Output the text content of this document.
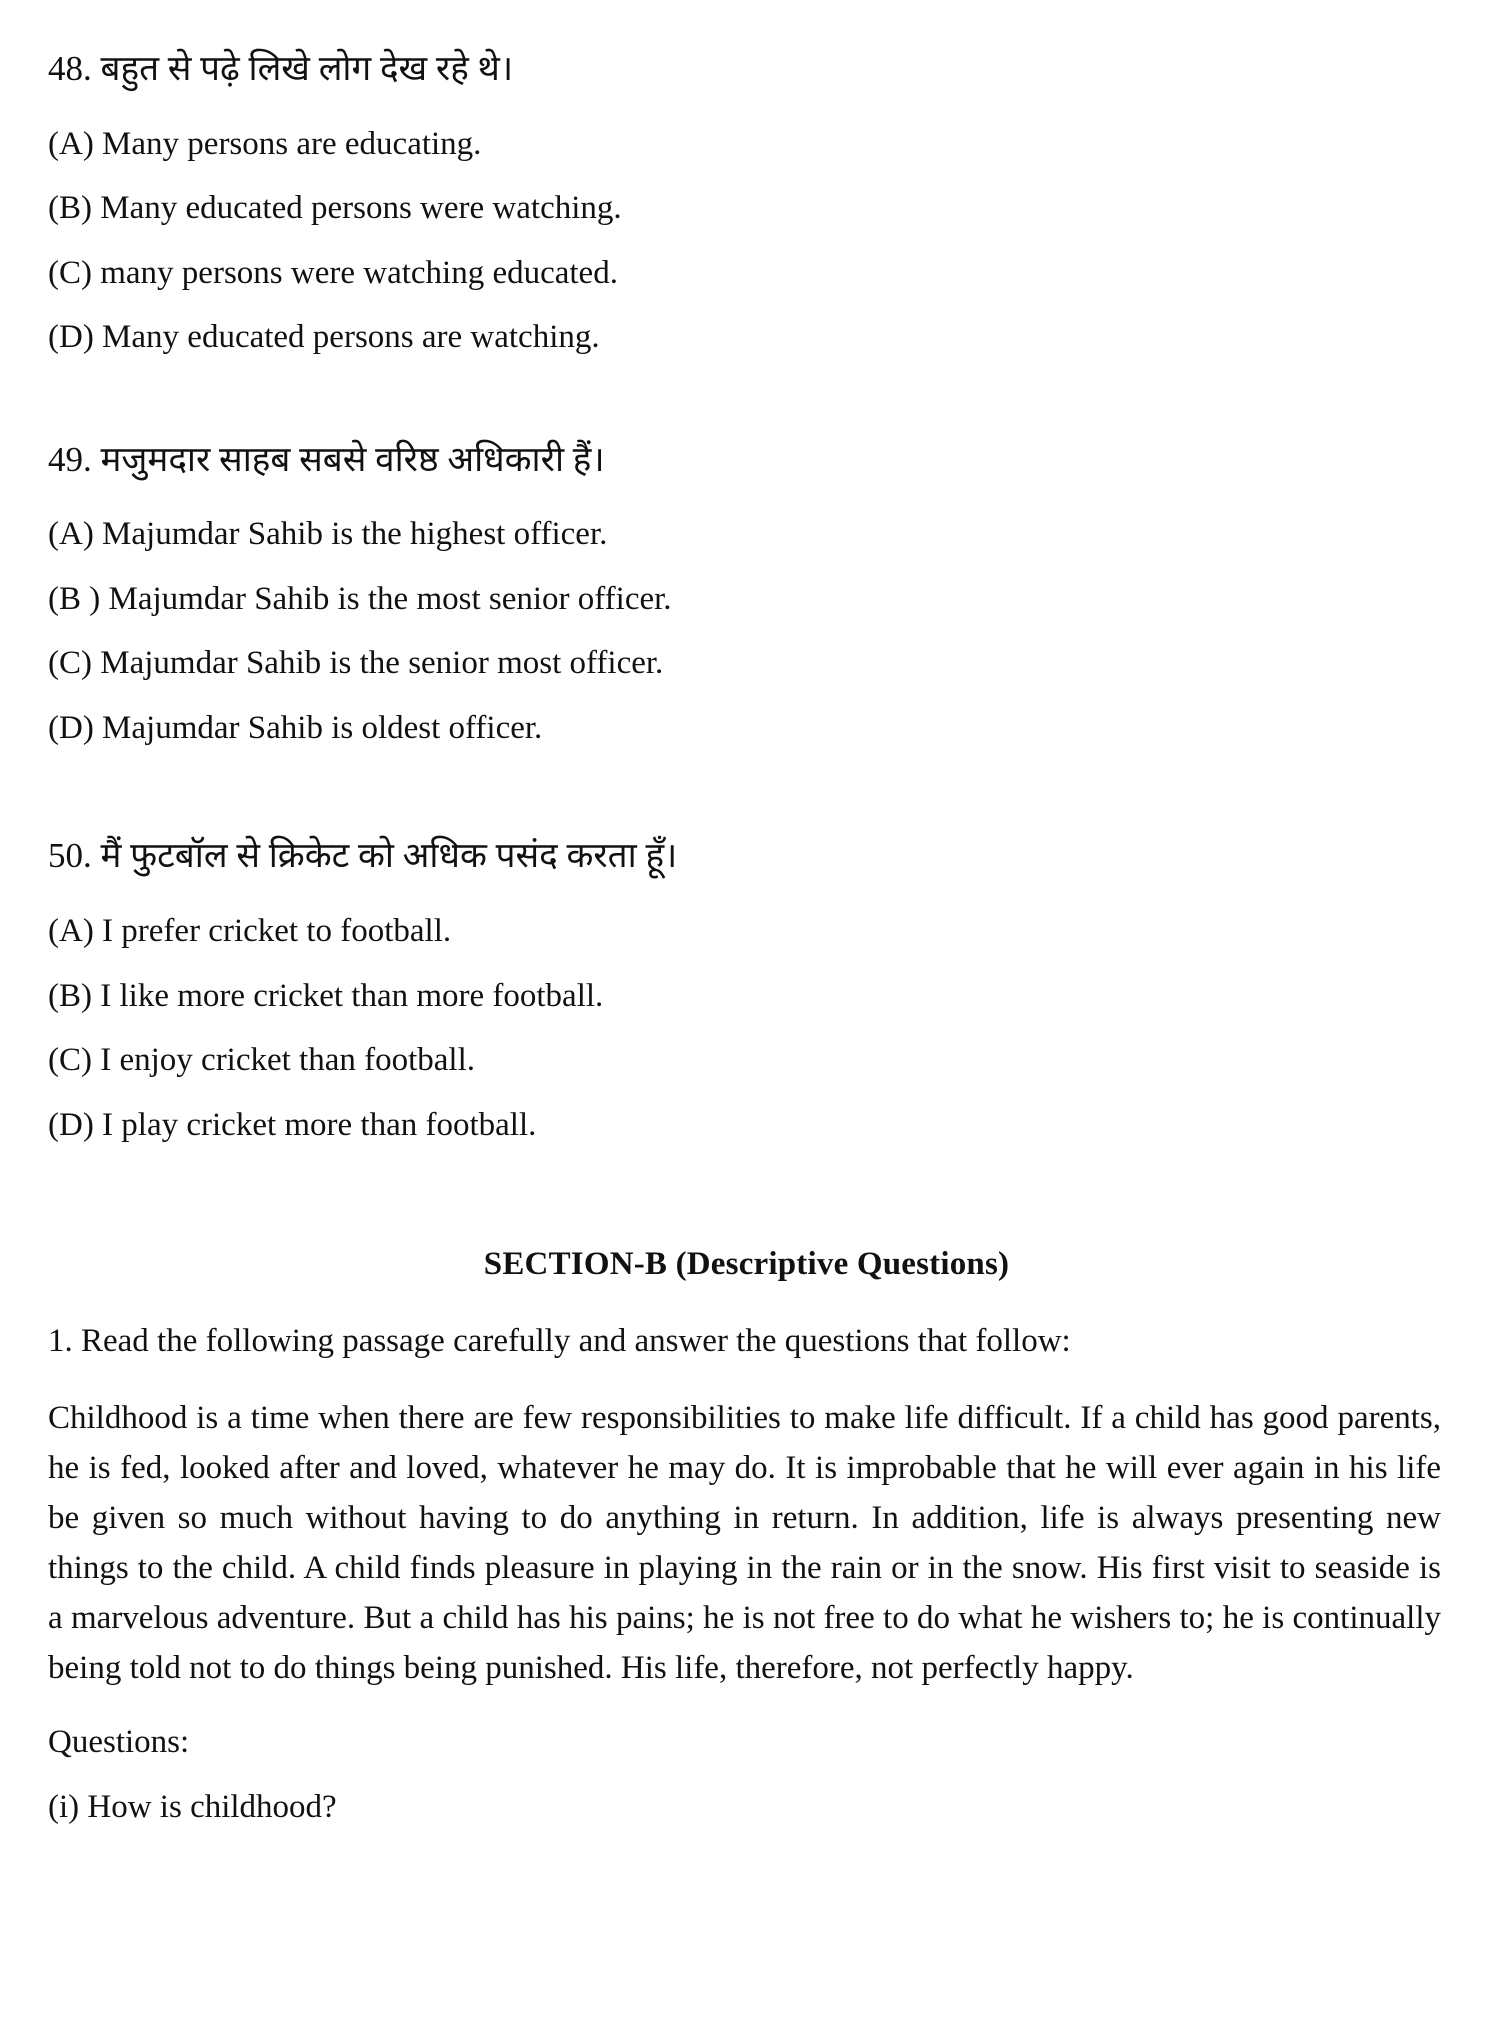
48. बहुत से पढ़े लिखे लोग देख रहे थे।
(A) Many persons are educating.
(B) Many educated persons were watching.
(C) many persons were watching educated.
(D) Many educated persons are watching.
49. मजुमदार साहब सबसे वरिष्ठ अधिकारी हैं।
(A) Majumdar Sahib is the highest officer.
(B ) Majumdar Sahib is the most senior officer.
(C) Majumdar Sahib is the senior most officer.
(D) Majumdar Sahib is oldest officer.
50. मैं फुटबॉल से क्रिकेट को अधिक पसंद करता हूँ।
(A) I prefer cricket to football.
(B) I like more cricket than more football.
(C) I enjoy cricket than football.
(D) I play cricket more than football.
SECTION-B (Descriptive Questions)
1. Read the following passage carefully and answer the questions that follow:
Childhood is a time when there are few responsibilities to make life difficult. If a child has good parents, he is fed, looked after and loved, whatever he may do. It is improbable that he will ever again in his life be given so much without having to do anything in return. In addition, life is always presenting new things to the child. A child finds pleasure in playing in the rain or in the snow. His first visit to seaside is a marvelous adventure. But a child has his pains; he is not free to do what he wishers to; he is continually being told not to do things being punished. His life, therefore, not perfectly happy.
Questions:
(i) How is childhood?
